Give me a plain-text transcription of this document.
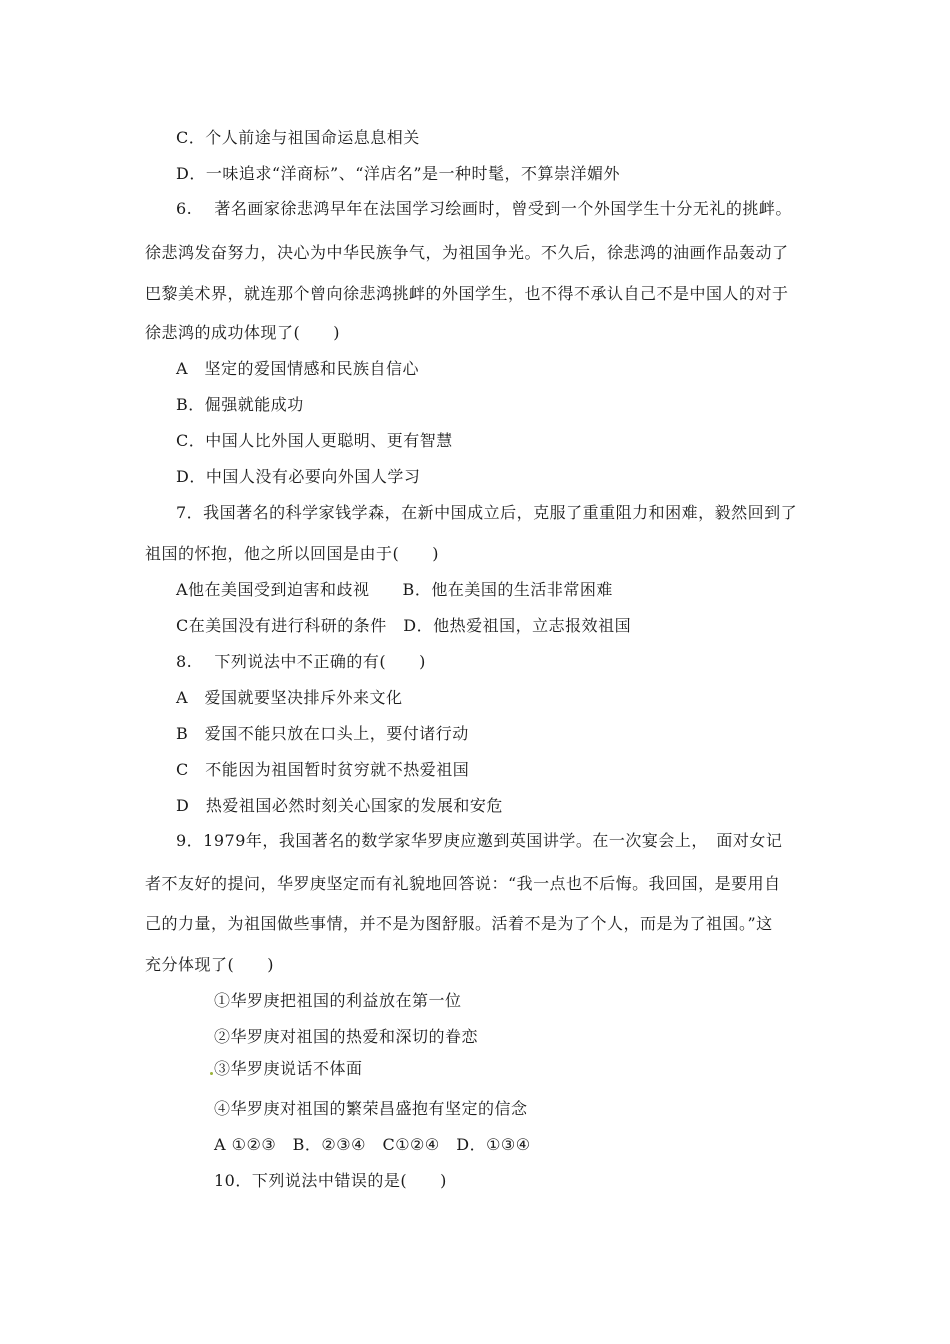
C．个人前途与祖国命运息息相关
D．一味追求“洋商标”、“洋店名”是一种时髦，不算崇洋媚外
6.　 著名画家徐悲鸿早年在法国学习绘画时，曾受到一个外国学生十分无礼的挑衅。
徐悲鸿发奋努力，决心为中华民族争气，为祖国争光。不久后，徐悲鸿的油画作品轰动了
巴黎美术界，就连那个曾向徐悲鸿挑衅的外国学生，也不得不承认自己不是中国人的对于
徐悲鸿的成功体现了(　　)
A　坚定的爱国情感和民族自信心
B．倔强就能成功
C．中国人比外国人更聪明、更有智慧
D．中国人没有必要向外国人学习
7．我国著名的科学家钱学森，在新中国成立后，克服了重重阻力和困难，毅然回到了
祖国的怀抱，他之所以回国是由于(　　)
A他在美国受到迫害和歧视　　B．他在美国的生活非常困难
C在美国没有进行科研的条件　D．他热爱祖国，立志报效祖国
8.　 下列说法中不正确的有(　　)
A　爱国就要坚决排斥外来文化
B　爱国不能只放在口头上，要付诸行动
C　不能因为祖国暂时贫穷就不热爱祖国
D　热爱祖国必然时刻关心国家的发展和安危
9．1979年，我国著名的数学家华罗庚应邀到英国讲学。在一次宴会上，　面对女记
者不友好的提问，华罗庚坚定而有礼貌地回答说：“我一点也不后悔。我回国，是要用自
己的力量，为祖国做些事情，并不是为图舒服。活着不是为了个人，而是为了祖国。”这
充分体现了(　　)
①华罗庚把祖国的利益放在第一位
②华罗庚对祖国的热爱和深切的眷恋
③华罗庚说话不体面
④华罗庚对祖国的繁荣昌盛抱有坚定的信念
A ①②③　B．②③④　C①②④　D．①③④
10．下列说法中错误的是(　　)
